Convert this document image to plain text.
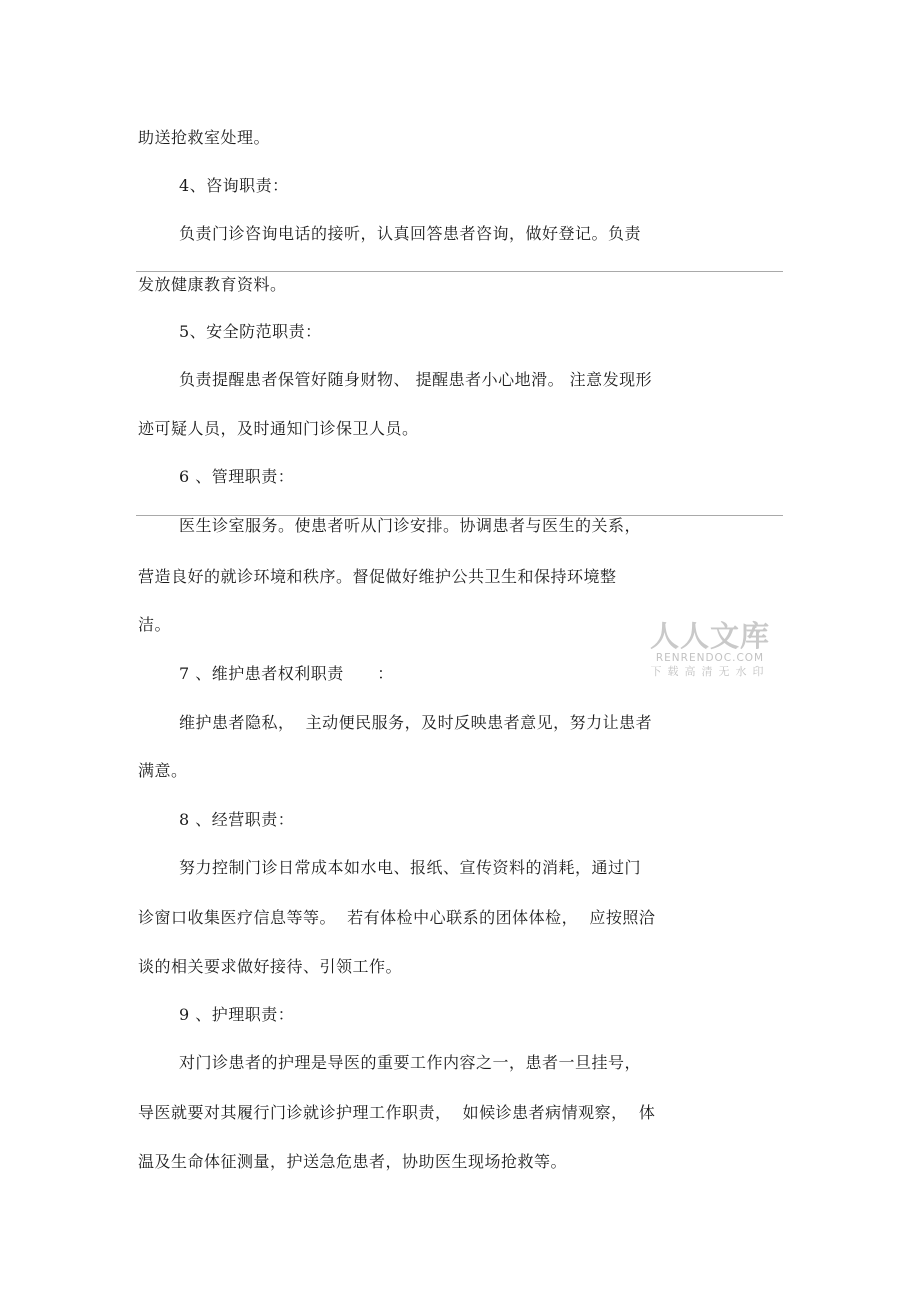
助送抢救室处理。
4、咨询职责：
负责门诊咨询电话的接听，认真回答患者咨询，做好登记。负责
发放健康教育资料。
5、安全防范职责：
负责提醒患者保管好随身财物、 提醒患者小心地滑。 注意发现形
迹可疑人员，及时通知门诊保卫人员。
6 、管理职责：
医生诊室服务。使患者听从门诊安排。协调患者与医生的关系，
营造良好的就诊环境和秩序。督促做好维护公共卫生和保持环境整
洁。
7 、维护患者权利职责      ：
维护患者隐私，  主动便民服务，及时反映患者意见，努力让患者
满意。
8 、经营职责：
努力控制门诊日常成本如水电、报纸、宣传资料的消耗，通过门
诊窗口收集医疗信息等等。  若有体检中心联系的团体体检，  应按照洽
谈的相关要求做好接待、引领工作。
9 、护理职责：
对门诊患者的护理是导医的重要工作内容之一，患者一旦挂号，
导医就要对其履行门诊就诊护理工作职责，  如候诊患者病情观察，  体
温及生命体征测量，护送急危患者，协助医生现场抢救等。
人人文库
RENRENDOC.COM
下载高清无水印
